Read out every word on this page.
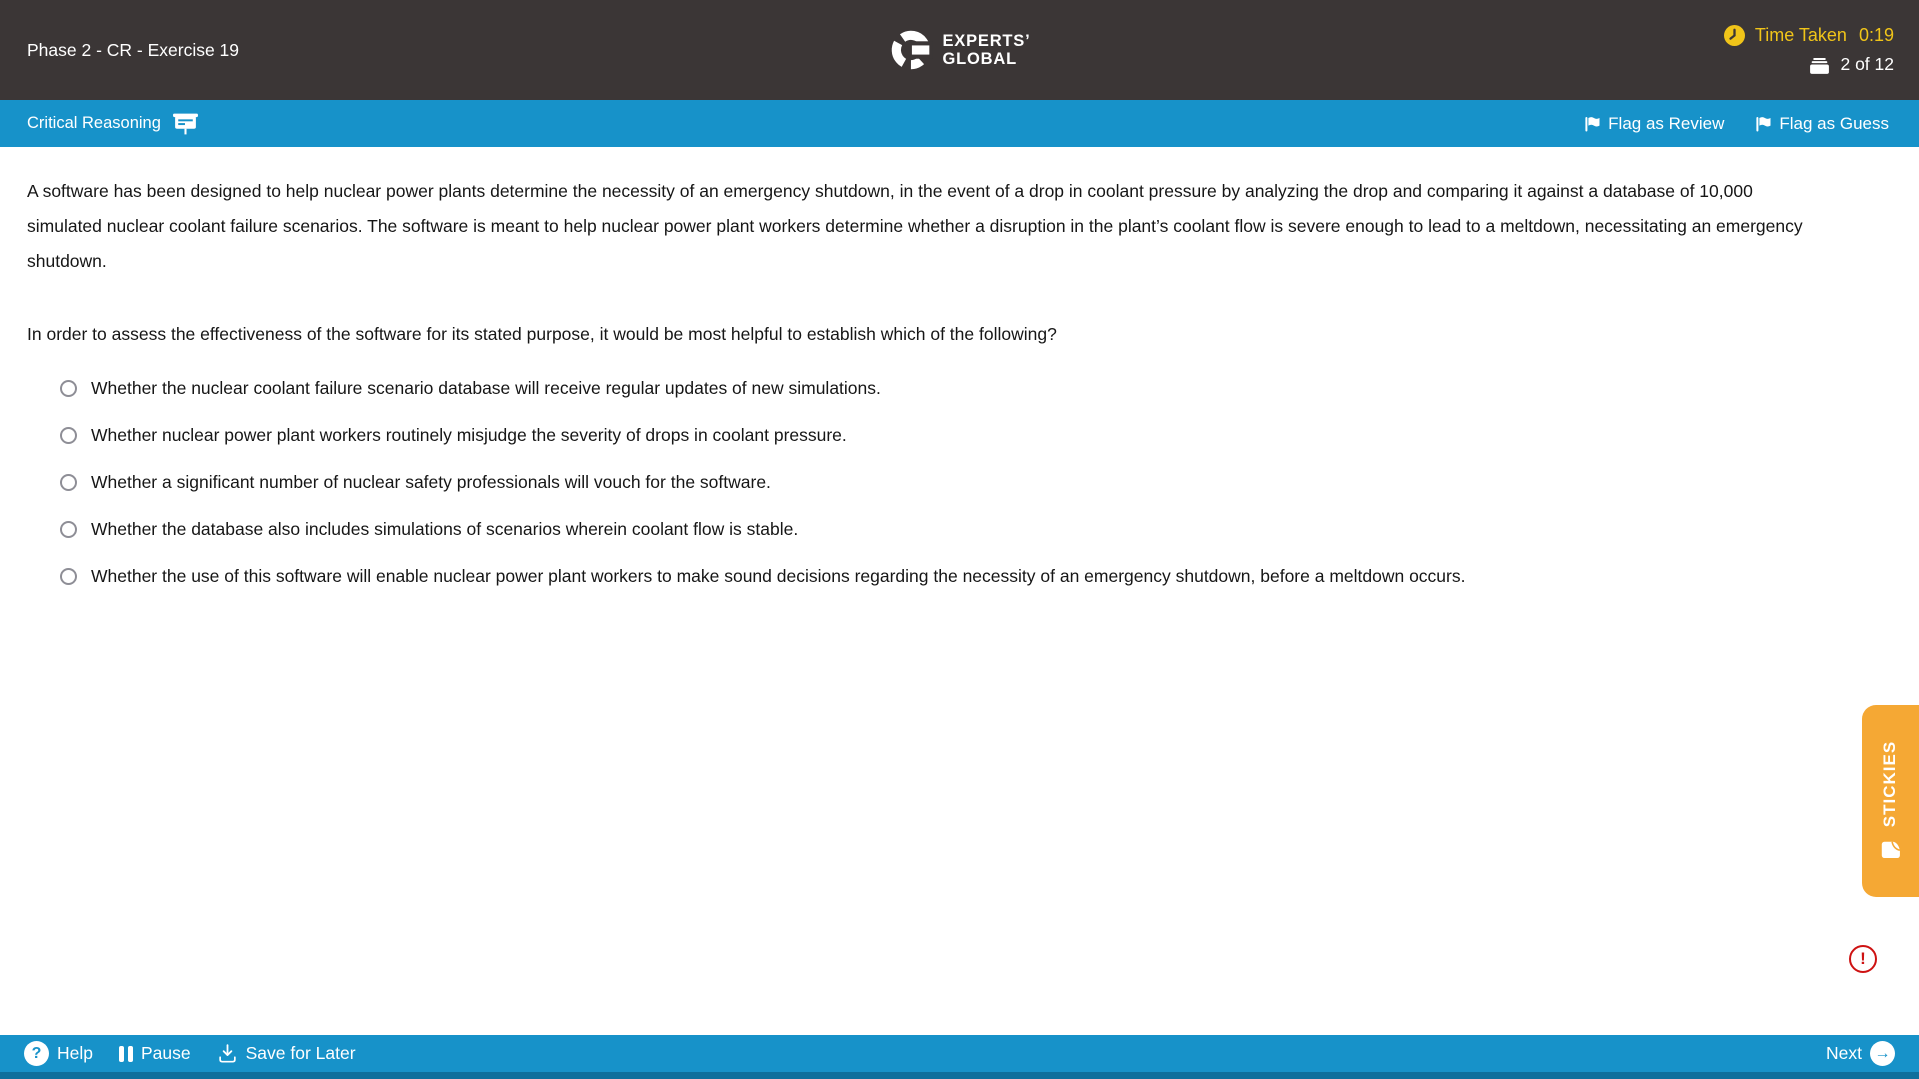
Phase 2 - CR - Exercise 19	EXPERTS’
GLOBAL
Time Taken 0:19
2 of 12
Critical Reasoning	Flag as Review	Flag as Guess

A software has been designed to help nuclear power plants determine the necessity of an emergency shutdown, in the event of a drop in coolant pressure by analyzing the drop and comparing it against a database of 10,000 simulated nuclear coolant failure scenarios. The software is meant to help nuclear power plant workers determine whether a disruption in the plant’s coolant flow is severe enough to lead to a meltdown, necessitating an emergency shutdown.

In order to assess the effectiveness of the software for its stated purpose, it would be most helpful to establish which of the following?

Whether the nuclear coolant failure scenario database will receive regular updates of new simulations.
Whether nuclear power plant workers routinely misjudge the severity of drops in coolant pressure.
Whether a significant number of nuclear safety professionals will vouch for the software.
Whether the database also includes simulations of scenarios wherein coolant flow is stable.
Whether the use of this software will enable nuclear power plant workers to make sound decisions regarding the necessity of an emergency shutdown, before a meltdown occurs.
STICKIES
!
? Help	Pause	Save for Later	Next →
